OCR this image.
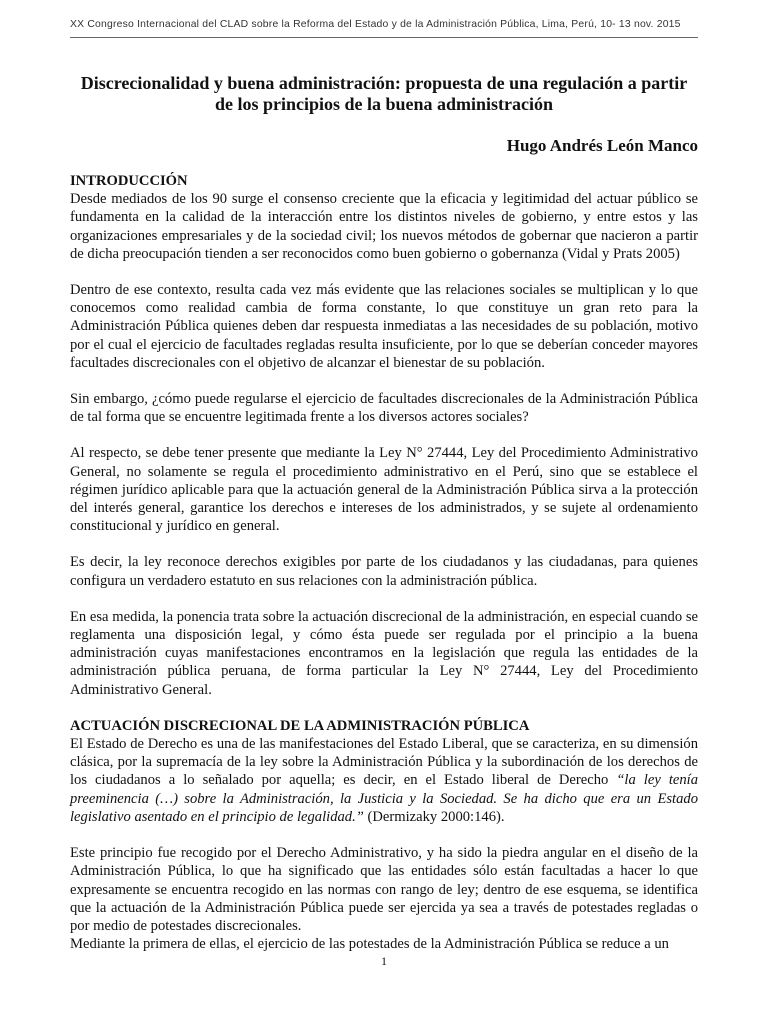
XX Congreso Internacional del CLAD sobre la Reforma del Estado y de la Administración Pública, Lima, Perú, 10- 13 nov. 2015
Discrecionalidad y buena administración: propuesta de una regulación a partir de los principios de la buena administración
Hugo Andrés León Manco
INTRODUCCIÓN

Desde mediados de los 90 surge el consenso creciente que la eficacia y legitimidad del actuar público se fundamenta en la calidad de la interacción entre los distintos niveles de gobierno, y entre estos y las organizaciones empresariales y de la sociedad civil; los nuevos métodos de gobernar que nacieron a partir de dicha preocupación tienden a ser reconocidos como buen gobierno o gobernanza (Vidal y Prats 2005)

Dentro de ese contexto, resulta cada vez más evidente que las relaciones sociales se multiplican y lo que conocemos como realidad cambia de forma constante, lo que constituye un gran reto para la Administración Pública quienes deben dar respuesta inmediatas a las necesidades de su población, motivo por el cual el ejercicio de facultades regladas resulta insuficiente, por lo que se deberían conceder mayores facultades discrecionales con el objetivo de alcanzar el bienestar de su población.

Sin embargo, ¿cómo puede regularse el ejercicio de facultades discrecionales de la Administración Pública de tal forma que se encuentre legitimada frente a los diversos actores sociales?

Al respecto, se debe tener presente que mediante la Ley N° 27444, Ley del Procedimiento Administrativo General, no solamente se regula el procedimiento administrativo en el Perú, sino que se establece el régimen jurídico aplicable para que la actuación general de la Administración Pública sirva a la protección del interés general, garantice los derechos e intereses de los administrados, y se sujete al ordenamiento constitucional y jurídico en general.

Es decir, la ley reconoce derechos exigibles por parte de los ciudadanos y las ciudadanas, para quienes configura un verdadero estatuto en sus relaciones con la administración pública.

En esa medida, la ponencia trata sobre la actuación discrecional de la administración, en especial cuando se reglamenta una disposición legal, y cómo ésta puede ser regulada por el principio a la buena administración cuyas manifestaciones encontramos en la legislación que regula las entidades de la administración pública peruana, de forma particular la Ley N° 27444, Ley del Procedimiento Administrativo General.

ACTUACIÓN DISCRECIONAL DE LA ADMINISTRACIÓN PÚBLICA

El Estado de Derecho es una de las manifestaciones del Estado Liberal, que se caracteriza, en su dimensión clásica, por la supremacía de la ley sobre la Administración Pública y la subordinación de los derechos de los ciudadanos a lo señalado por aquella; es decir, en el Estado liberal de Derecho “la ley tenía preeminencia (…) sobre la Administración, la Justicia y la Sociedad. Se ha dicho que era un Estado legislativo asentado en el principio de legalidad.” (Dermizaky 2000:146).

Este principio fue recogido por el Derecho Administrativo, y ha sido la piedra angular en el diseño de la Administración Pública, lo que ha significado que las entidades sólo están facultadas a hacer lo que expresamente se encuentra recogido en las normas con rango de ley; dentro de ese esquema, se identifica que la actuación de la Administración Pública puede ser ejercida ya sea a través de potestades regladas o por medio de potestades discrecionales.

Mediante la primera de ellas, el ejercicio de las potestades de la Administración Pública se reduce a un

1
